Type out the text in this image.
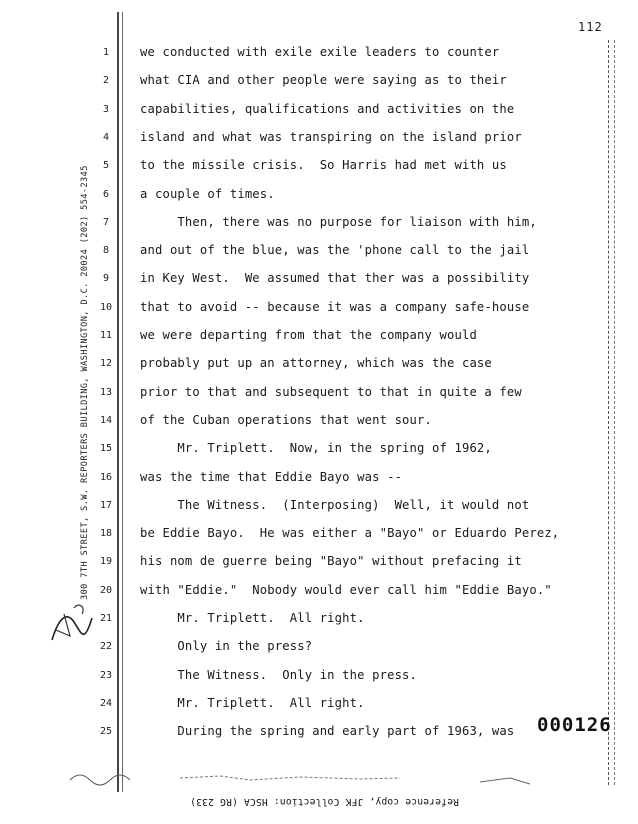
112
300 7TH STREET, S.W. REPORTERS BUILDING, WASHINGTON, D.C. 20024 (202) 554-2345
1	we conducted with exile exile leaders to counter
2	what CIA and other people were saying as to their
3	capabilities, qualifications and activities on the
4	island and what was transpiring on the island prior
5	to the missile crisis.  So Harris had met with us
6	a couple of times.
7	Then, there was no purpose for liaison with him,
8	and out of the blue, was the 'phone call to the jail
9	in Key West.  We assumed that ther was a possibility
10 that to avoid -- because it was a company safe-house
11 we were departing from that the company would
12 probably put up an attorney, which was the case
13 prior to that and subsequent to that in quite a few
14 of the Cuban operations that went sour.
15 Mr. Triplett.  Now, in the spring of 1962,
16 was the time that Eddie Bayo was --
17 The Witness.  (Interposing)  Well, it would not
18 be Eddie Bayo.  He was either a "Bayo" or Eduardo Perez,
19 his nom de guerre being "Bayo" without prefacing it
20 with "Eddie."  Nobody would ever call him "Eddie Bayo."
21 Mr. Triplett.  All right.
22 Only in the press?
23 The Witness.  Only in the press.
24 Mr. Triplett.  All right.
25 During the spring and early part of 1963, was 000126
Reference copy, JFK Collection: HSCA (RG 233)
